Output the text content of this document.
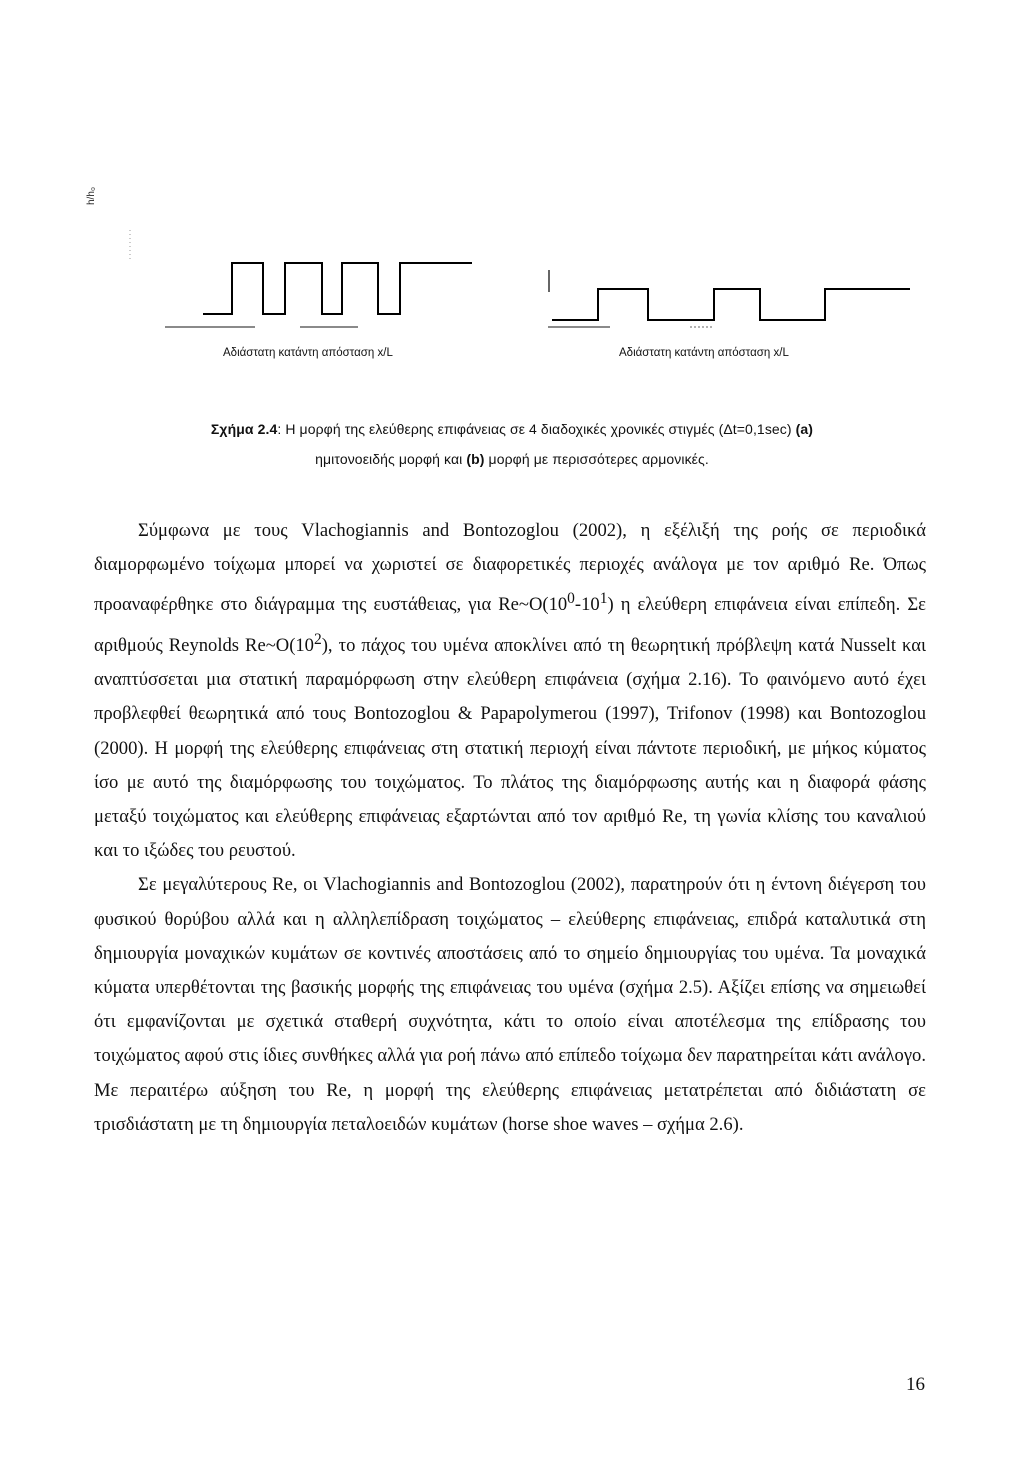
h/h₀
Αδιάστατη κατάντη απόσταση x/L	Αδιάστατη κατάντη απόσταση x/L
Σχήμα 2.4: Η μορφή της ελεύθερης επιφάνειας σε 4 διαδοχικές χρονικές στιγμές (Δt=0,1sec) (a)
ημιτονοειδής μορφή και (b) μορφή με περισσότερες αρμονικές.

Σύμφωνα με τους Vlachogiannis and Bontozoglou (2002), η εξέλιξή της ροής σε περιοδικά διαμορφωμένο τοίχωμα μπορεί να χωριστεί σε διαφορετικές περιοχές ανάλογα με τον αριθμό Re. Όπως προαναφέρθηκε στο διάγραμμα της ευστάθειας, για $Re\sim O(10^0-10^1)$ η ελεύθερη επιφάνεια είναι επίπεδη. Σε αριθμούς Reynolds $Re\sim O(10^2)$, το πάχος του υμένα αποκλίνει από τη θεωρητική πρόβλεψη κατά Nusselt και αναπτύσσεται μια στατική παραμόρφωση στην ελεύθερη επιφάνεια (σχήμα 2.16). Το φαινόμενο αυτό έχει προβλεφθεί θεωρητικά από τους Bontozoglou & Papapolymerou (1997), Trifonov (1998) και Bontozoglou (2000). Η μορφή της ελεύθερης επιφάνειας στη στατική περιοχή είναι πάντοτε περιοδική, με μήκος κύματος ίσο με αυτό της διαμόρφωσης του τοιχώματος. Το πλάτος της διαμόρφωσης αυτής και η διαφορά φάσης μεταξύ τοιχώματος και ελεύθερης επιφάνειας εξαρτώνται από τον αριθμό Re, τη γωνία κλίσης του καναλιού και το ιξώδες του ρευστού.

Σε μεγαλύτερους Re, οι Vlachogiannis and Bontozoglou (2002), παρατηρούν ότι η έντονη διέγερση του φυσικού θορύβου αλλά και η αλληλεπίδραση τοιχώματος – ελεύθερης επιφάνειας, επιδρά καταλυτικά στη δημιουργία μοναχικών κυμάτων σε κοντινές αποστάσεις από το σημείο δημιουργίας του υμένα. Τα μοναχικά κύματα υπερθέτονται της βασικής μορφής της επιφάνειας του υμένα (σχήμα 2.5). Αξίζει επίσης να σημειωθεί ότι εμφανίζονται με σχετικά σταθερή συχνότητα, κάτι το οποίο είναι αποτέλεσμα της επίδρασης του τοιχώματος αφού στις ίδιες συνθήκες αλλά για ροή πάνω από επίπεδο τοίχωμα δεν παρατηρείται κάτι ανάλογο. Με περαιτέρω αύξηση του Re, η μορφή της ελεύθερης επιφάνειας μετατρέπεται από διδιάστατη σε τρισδιάστατη με τη δημιουργία πεταλοειδών κυμάτων (horse shoe waves – σχήμα 2.6).

16
